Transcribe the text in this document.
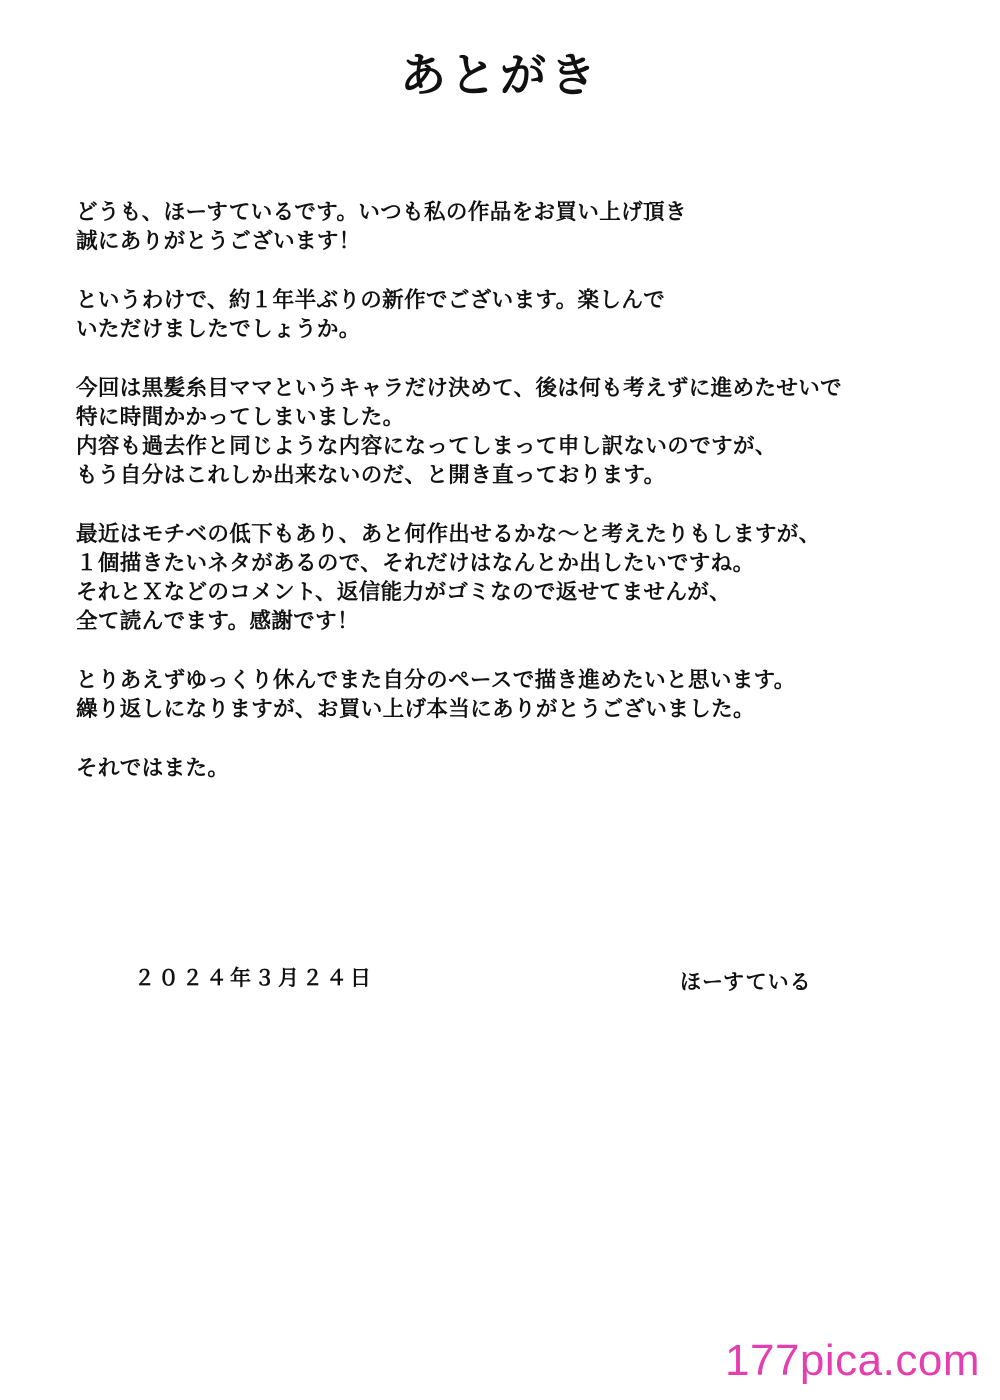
あとがき
どうも、ほーすているです。いつも私の作品をお買い上げ頂き
誠にありがとうございます！
というわけで、約１年半ぶりの新作でございます。楽しんで
いただけましたでしょうか。
今回は黒髪糸目ママというキャラだけ決めて、後は何も考えずに進めたせいで
特に時間かかってしまいました。
内容も過去作と同じような内容になってしまって申し訳ないのですが、
もう自分はこれしか出来ないのだ、と開き直っております。
最近はモチベの低下もあり、あと何作出せるかな～と考えたりもしますが、
１個描きたいネタがあるので、それだけはなんとか出したいですね。
それとＸなどのコメント、返信能力がゴミなので返せてませんが、
全て読んでます。感謝です！
とりあえずゆっくり休んでまた自分のペースで描き進めたいと思います。
繰り返しになりますが、お買い上げ本当にありがとうございました。
それではまた。
２０２４年３月２４日	ほーすている
177pica.com
